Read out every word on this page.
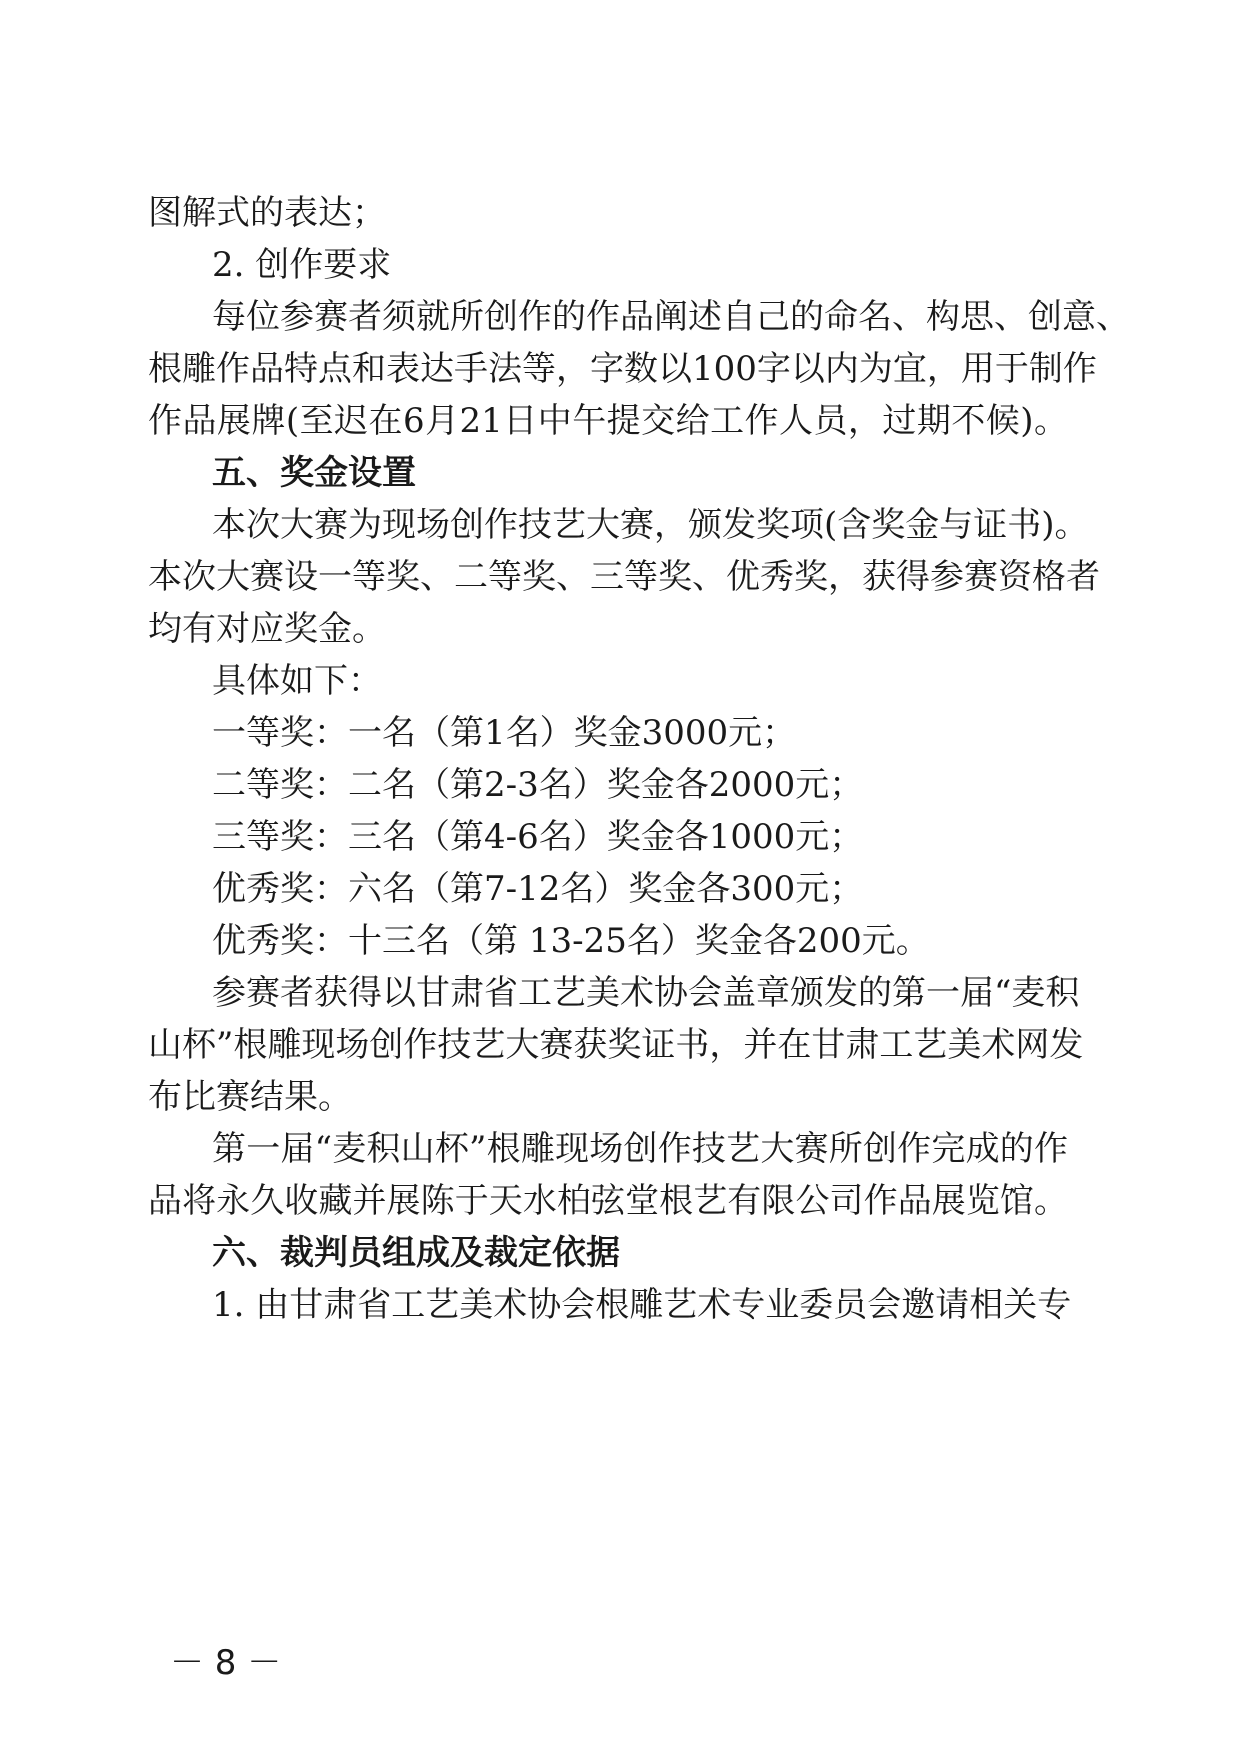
图解式的表达；
2. 创作要求
每位参赛者须就所创作的作品阐述自己的命名、构思、创意、
根雕作品特点和表达手法等，字数以100字以内为宜，用于制作
作品展牌(至迟在6月21日中午提交给工作人员，过期不候)。
五、奖金设置
本次大赛为现场创作技艺大赛，颁发奖项(含奖金与证书)。
本次大赛设一等奖、二等奖、三等奖、优秀奖，获得参赛资格者
均有对应奖金。
具体如下：
一等奖：一名（第1名）奖金3000元；
二等奖：二名（第2-3名）奖金各2000元；
三等奖：三名（第4-6名）奖金各1000元；
优秀奖：六名（第7-12名）奖金各300元；
优秀奖：十三名（第 13-25名）奖金各200元。
参赛者获得以甘肃省工艺美术协会盖章颁发的第一届“麦积
山杯”根雕现场创作技艺大赛获奖证书，并在甘肃工艺美术网发
布比赛结果。
第一届“麦积山杯”根雕现场创作技艺大赛所创作完成的作
品将永久收藏并展陈于天水柏弦堂根艺有限公司作品展览馆。
六、裁判员组成及裁定依据
1. 由甘肃省工艺美术协会根雕艺术专业委员会邀请相关专
－ 8 －
